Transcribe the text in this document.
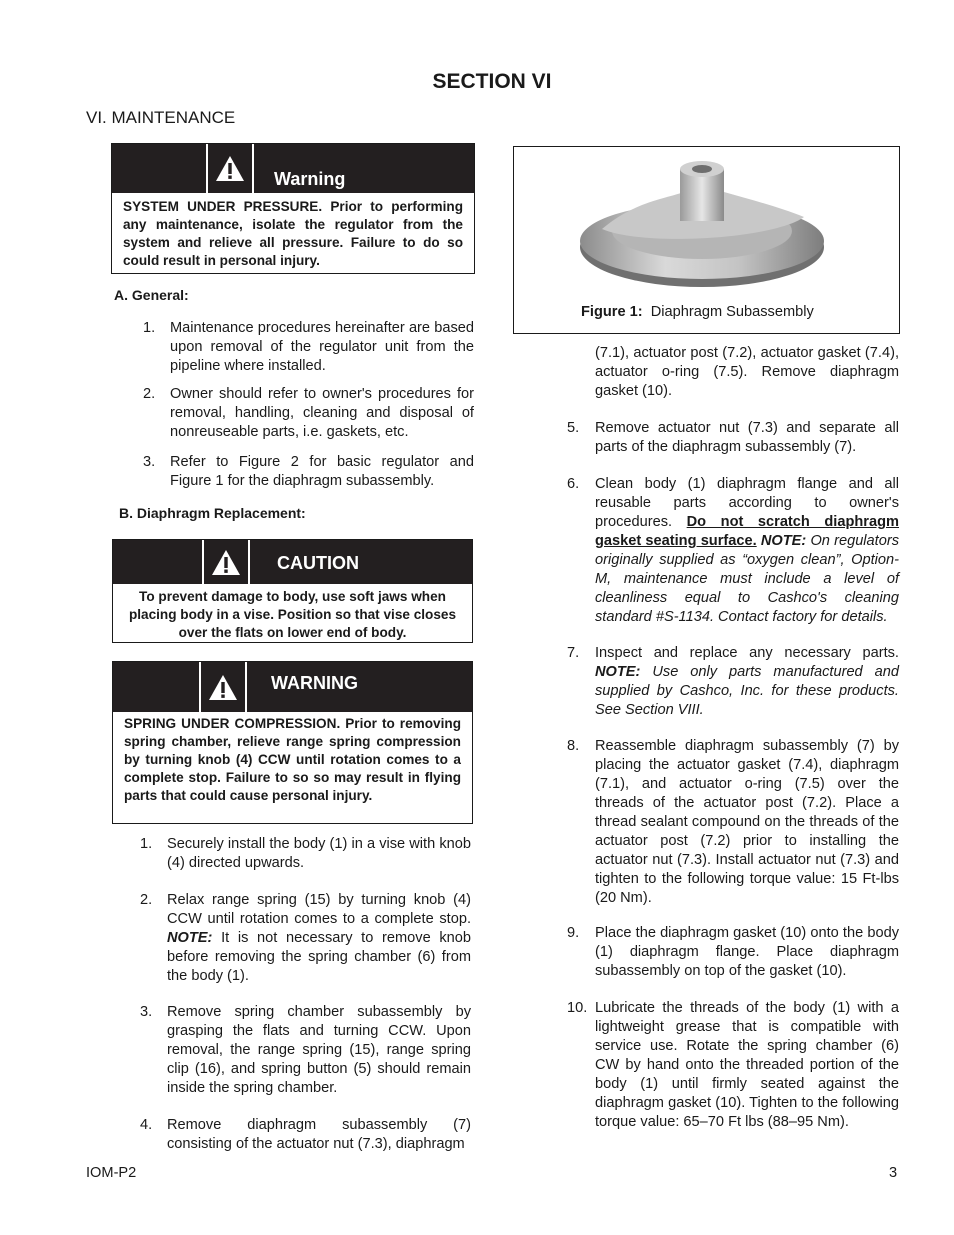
SECTION VI
VI. MAINTENANCE
Warning
SYSTEM UNDER PRESSURE. Prior to performing any maintenance, isolate the regulator from the system and relieve all pressure. Failure to do so could result in personal injury.
A. General:
1. Maintenance procedures hereinafter are based upon removal of the regulator unit from the pipeline where installed.
2. Owner should refer to owner's procedures for removal, handling, cleaning and disposal of nonreuseable parts, i.e. gaskets, etc.
3. Refer to Figure 2 for basic regulator and Figure 1 for the diaphragm subassembly.
B. Diaphragm Replacement:
CAUTION
To prevent damage to body, use soft jaws when placing body in a vise. Position so that vise closes over the flats on lower end of body.
WARNING
SPRING UNDER COMPRESSION. Prior to removing spring chamber, relieve range spring compression by turning knob (4) CCW until rotation comes to a complete stop. Failure to so so may result in flying parts that could cause personal injury.
1. Securely install the body (1) in a vise with knob (4) directed upwards.
2. Relax range spring (15) by turning knob (4) CCW until rotation comes to a complete stop. NOTE: It is not necessary to remove knob before removing the spring chamber (6) from the body (1).
3. Remove spring chamber subassembly by grasping the flats and turning CCW. Upon removal, the range spring (15), range spring clip (16), and spring button (5) should remain inside the spring chamber.
4. Remove diaphragm subassembly (7) consisting of the actuator nut (7.3), diaphragm
Figure 1: Diaphragm Subassembly
(7.1), actuator post (7.2), actuator gasket (7.4), actuator o-ring (7.5). Remove diaphragm gasket (10).
5. Remove actuator nut (7.3) and separate all parts of the diaphragm subassembly (7).
6. Clean body (1) diaphragm flange and all reusable parts according to owner's procedures. Do not scratch diaphragm gasket seating surface. NOTE: On regulators originally supplied as “oxygen clean”, Option-M, maintenance must include a level of cleanliness equal to Cashco's cleaning standard #S-1134. Contact factory for details.
7. Inspect and replace any necessary parts. NOTE: Use only parts manufactured and supplied by Cashco, Inc. for these products. See Section VIII.
8. Reassemble diaphragm subassembly (7) by placing the actuator gasket (7.4), diaphragm (7.1), and actuator o-ring (7.5) over the threads of the actuator post (7.2). Place a thread sealant compound on the threads of the actuator post (7.2) prior to installing the actuator nut (7.3). Install actuator nut (7.3) and tighten to the following torque value: 15 Ft-lbs (20 Nm).
9. Place the diaphragm gasket (10) onto the body (1) diaphragm flange. Place diaphragm subassembly on top of the gasket (10).
10. Lubricate the threads of the body (1) with a lightweight grease that is compatible with service use. Rotate the spring chamber (6) CW by hand onto the threaded portion of the body (1) until firmly seated against the diaphragm gasket (10). Tighten to the following torque value: 65–70 Ft lbs (88–95 Nm).
IOM-P2	3
